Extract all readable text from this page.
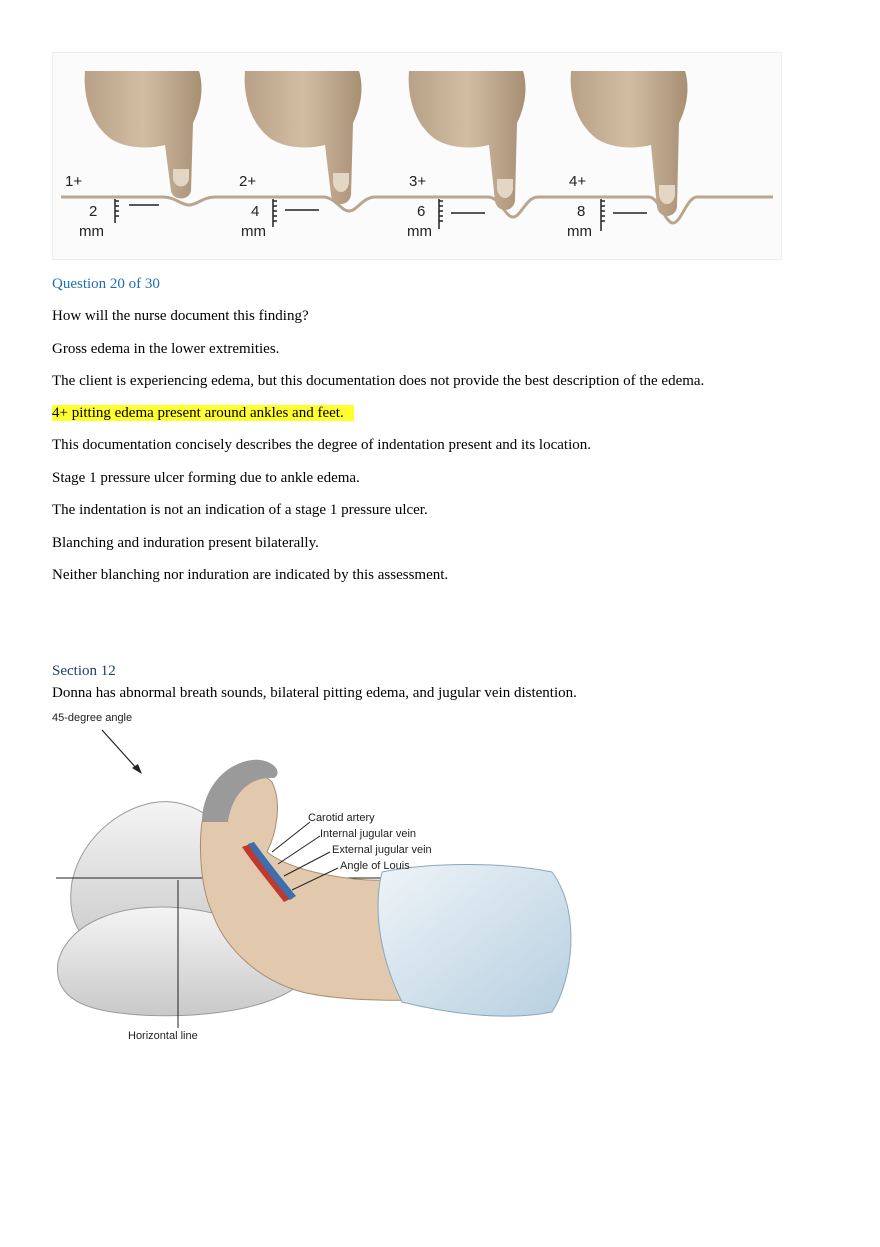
1+
2
mm
2+
4
mm
3+
6
mm
4+
8
mm
Question 20 of 30
How will the nurse document this finding?
Gross edema in the lower extremities.
The client is experiencing edema, but this documentation does not provide the best description of the edema.
4+ pitting edema present around ankles and feet.
This documentation concisely describes the degree of indentation present and its location.
Stage 1 pressure ulcer forming due to ankle edema.
The indentation is not an indication of a stage 1 pressure ulcer.
Blanching and induration present bilaterally.
Neither blanching nor induration are indicated by this assessment.
Section 12
Donna has abnormal breath sounds, bilateral pitting edema, and jugular vein distention.
45-degree angle
Carotid artery
Internal jugular vein
External jugular vein
Angle of Louis
Horizontal line
